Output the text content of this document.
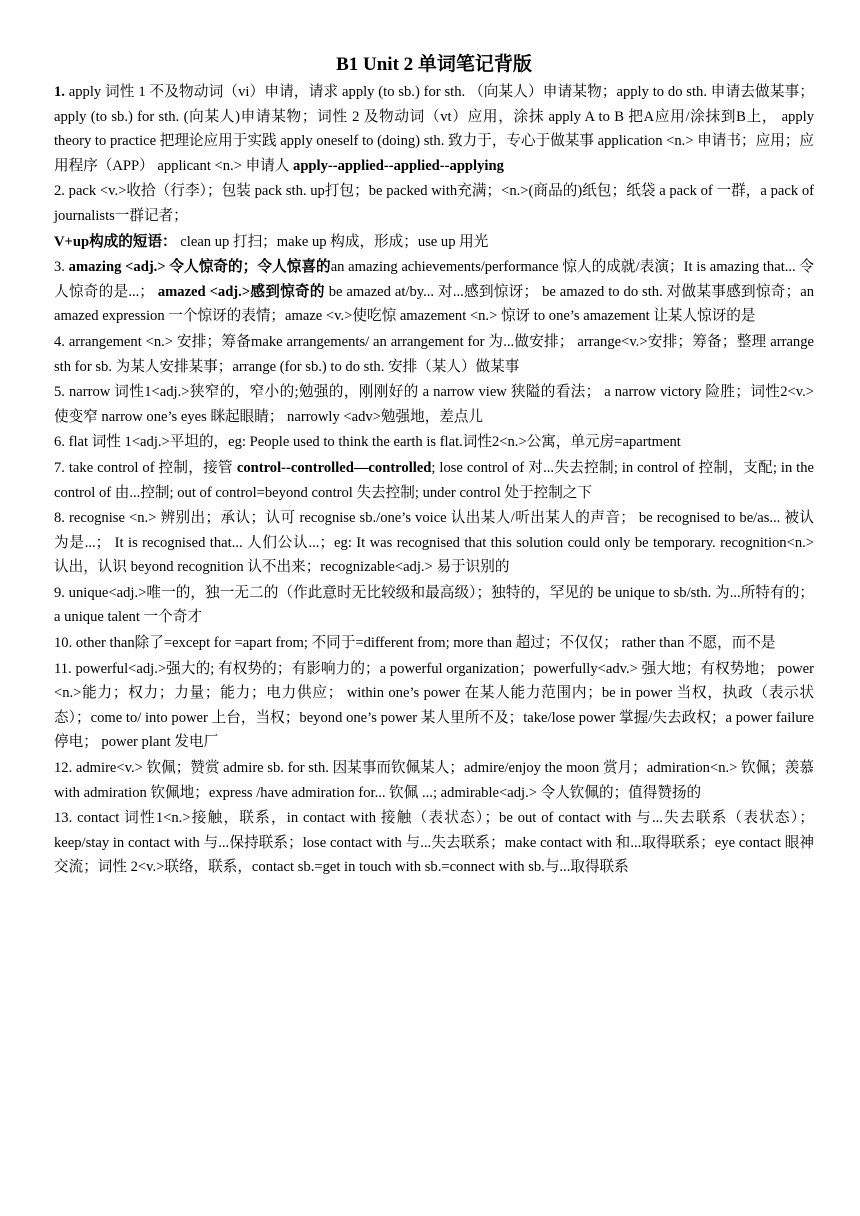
B1 Unit 2 单词笔记背版

1. apply 词性 1 不及物动词（vi）申请，请求 apply (to sb.) for sth. （向某人）申请某物；apply to do sth. 申请去做某事； apply (to sb.) for sth. (向某人)申请某物；词性 2 及物动词（vt）应用，涂抹 apply A to B 把A应用/涂抹到B上， apply theory to practice 把理论应用于实践 apply oneself to (doing) sth. 致力于，专心于做某事 application <n.> 申请书；应用；应用程序（APP） applicant <n.> 申请人 apply--applied--applied--applying

2. pack <v.>收拾（行李）；包装 pack sth. up打包；be packed with充满；<n.>(商品的)纸包；纸袋 a pack of 一群，a pack of journalists一群记者；

V+up构成的短语： clean up 打扫；make up 构成，形成；use up 用光

3. amazing <adj.> 令人惊奇的；令人惊喜的an amazing achievements/performance 惊人的成就/表演；It is amazing that... 令人惊奇的是...； amazed <adj.>感到惊奇的 be amazed at/by... 对...感到惊讶； be amazed to do sth. 对做某事感到惊奇；an amazed expression 一个惊讶的表情；amaze <v.>使吃惊 amazement <n.> 惊讶 to one’s amazement 让某人惊讶的是

4. arrangement <n.> 安排；筹备make arrangements/ an arrangement for 为...做安排； arrange<v.>安排；筹备；整理 arrange sth for sb. 为某人安排某事；arrange (for sb.) to do sth. 安排（某人）做某事

5. narrow 词性1<adj.>狭窄的，窄小的;勉强的，刚刚好的 a narrow view 狭隘的看法； a narrow victory 险胜；词性2<v.> 使变窄 narrow one’s eyes 眯起眼睛； narrowly <adv>勉强地，差点儿

6. flat 词性 1<adj.>平坦的，eg: People used to think the earth is flat.词性2<n.>公寓，单元房=apartment

7. take control of 控制，接管 control--controlled—controlled; lose control of 对...失去控制; in control of 控制，支配; in the control of 由...控制; out of control=beyond control 失去控制; under control 处于控制之下

8. recognise <n.> 辨别出；承认；认可 recognise sb./one’s voice 认出某人/听出某人的声音； be recognised to be/as... 被认为是...； It is recognised that... 人们公认...；eg: It was recognised that this solution could only be temporary. recognition<n.> 认出，认识 beyond recognition 认不出来；recognizable<adj.> 易于识别的

9. unique<adj.>唯一的，独一无二的（作此意时无比较级和最高级）；独特的，罕见的 be unique to sb/sth. 为...所特有的； a unique talent 一个奇才

10. other than除了=except for =apart from; 不同于=different from; more than 超过；不仅仅； rather than 不愿，而不是

11. powerful<adj.>强大的; 有权势的；有影响力的；a powerful organization；powerfully<adv.> 强大地；有权势地； power <n.>能力；权力；力量；能力；电力供应； within one’s power 在某人能力范围内；be in power 当权，执政（表示状态）；come to/ into power 上台，当权；beyond one’s power 某人里所不及；take/lose power 掌握/失去政权；a power failure停电； power plant 发电厂

12. admire<v.> 钦佩；赞赏 admire sb. for sth. 因某事而钦佩某人；admire/enjoy the moon 赏月；admiration<n.> 钦佩；羡慕 with admiration 钦佩地；express /have admiration for... 钦佩 ...; admirable<adj.> 令人钦佩的；值得赞扬的

13. contact 词性1<n.>接触，联系，in contact with 接触（表状态）；be out of contact with 与...失去联系（表状态）；keep/stay in contact with 与...保持联系；lose contact with 与...失去联系；make contact with 和...取得联系；eye contact 眼神交流；词性 2<v.>联络，联系，contact sb.=get in touch with sb.=connect with sb.与...取得联系
